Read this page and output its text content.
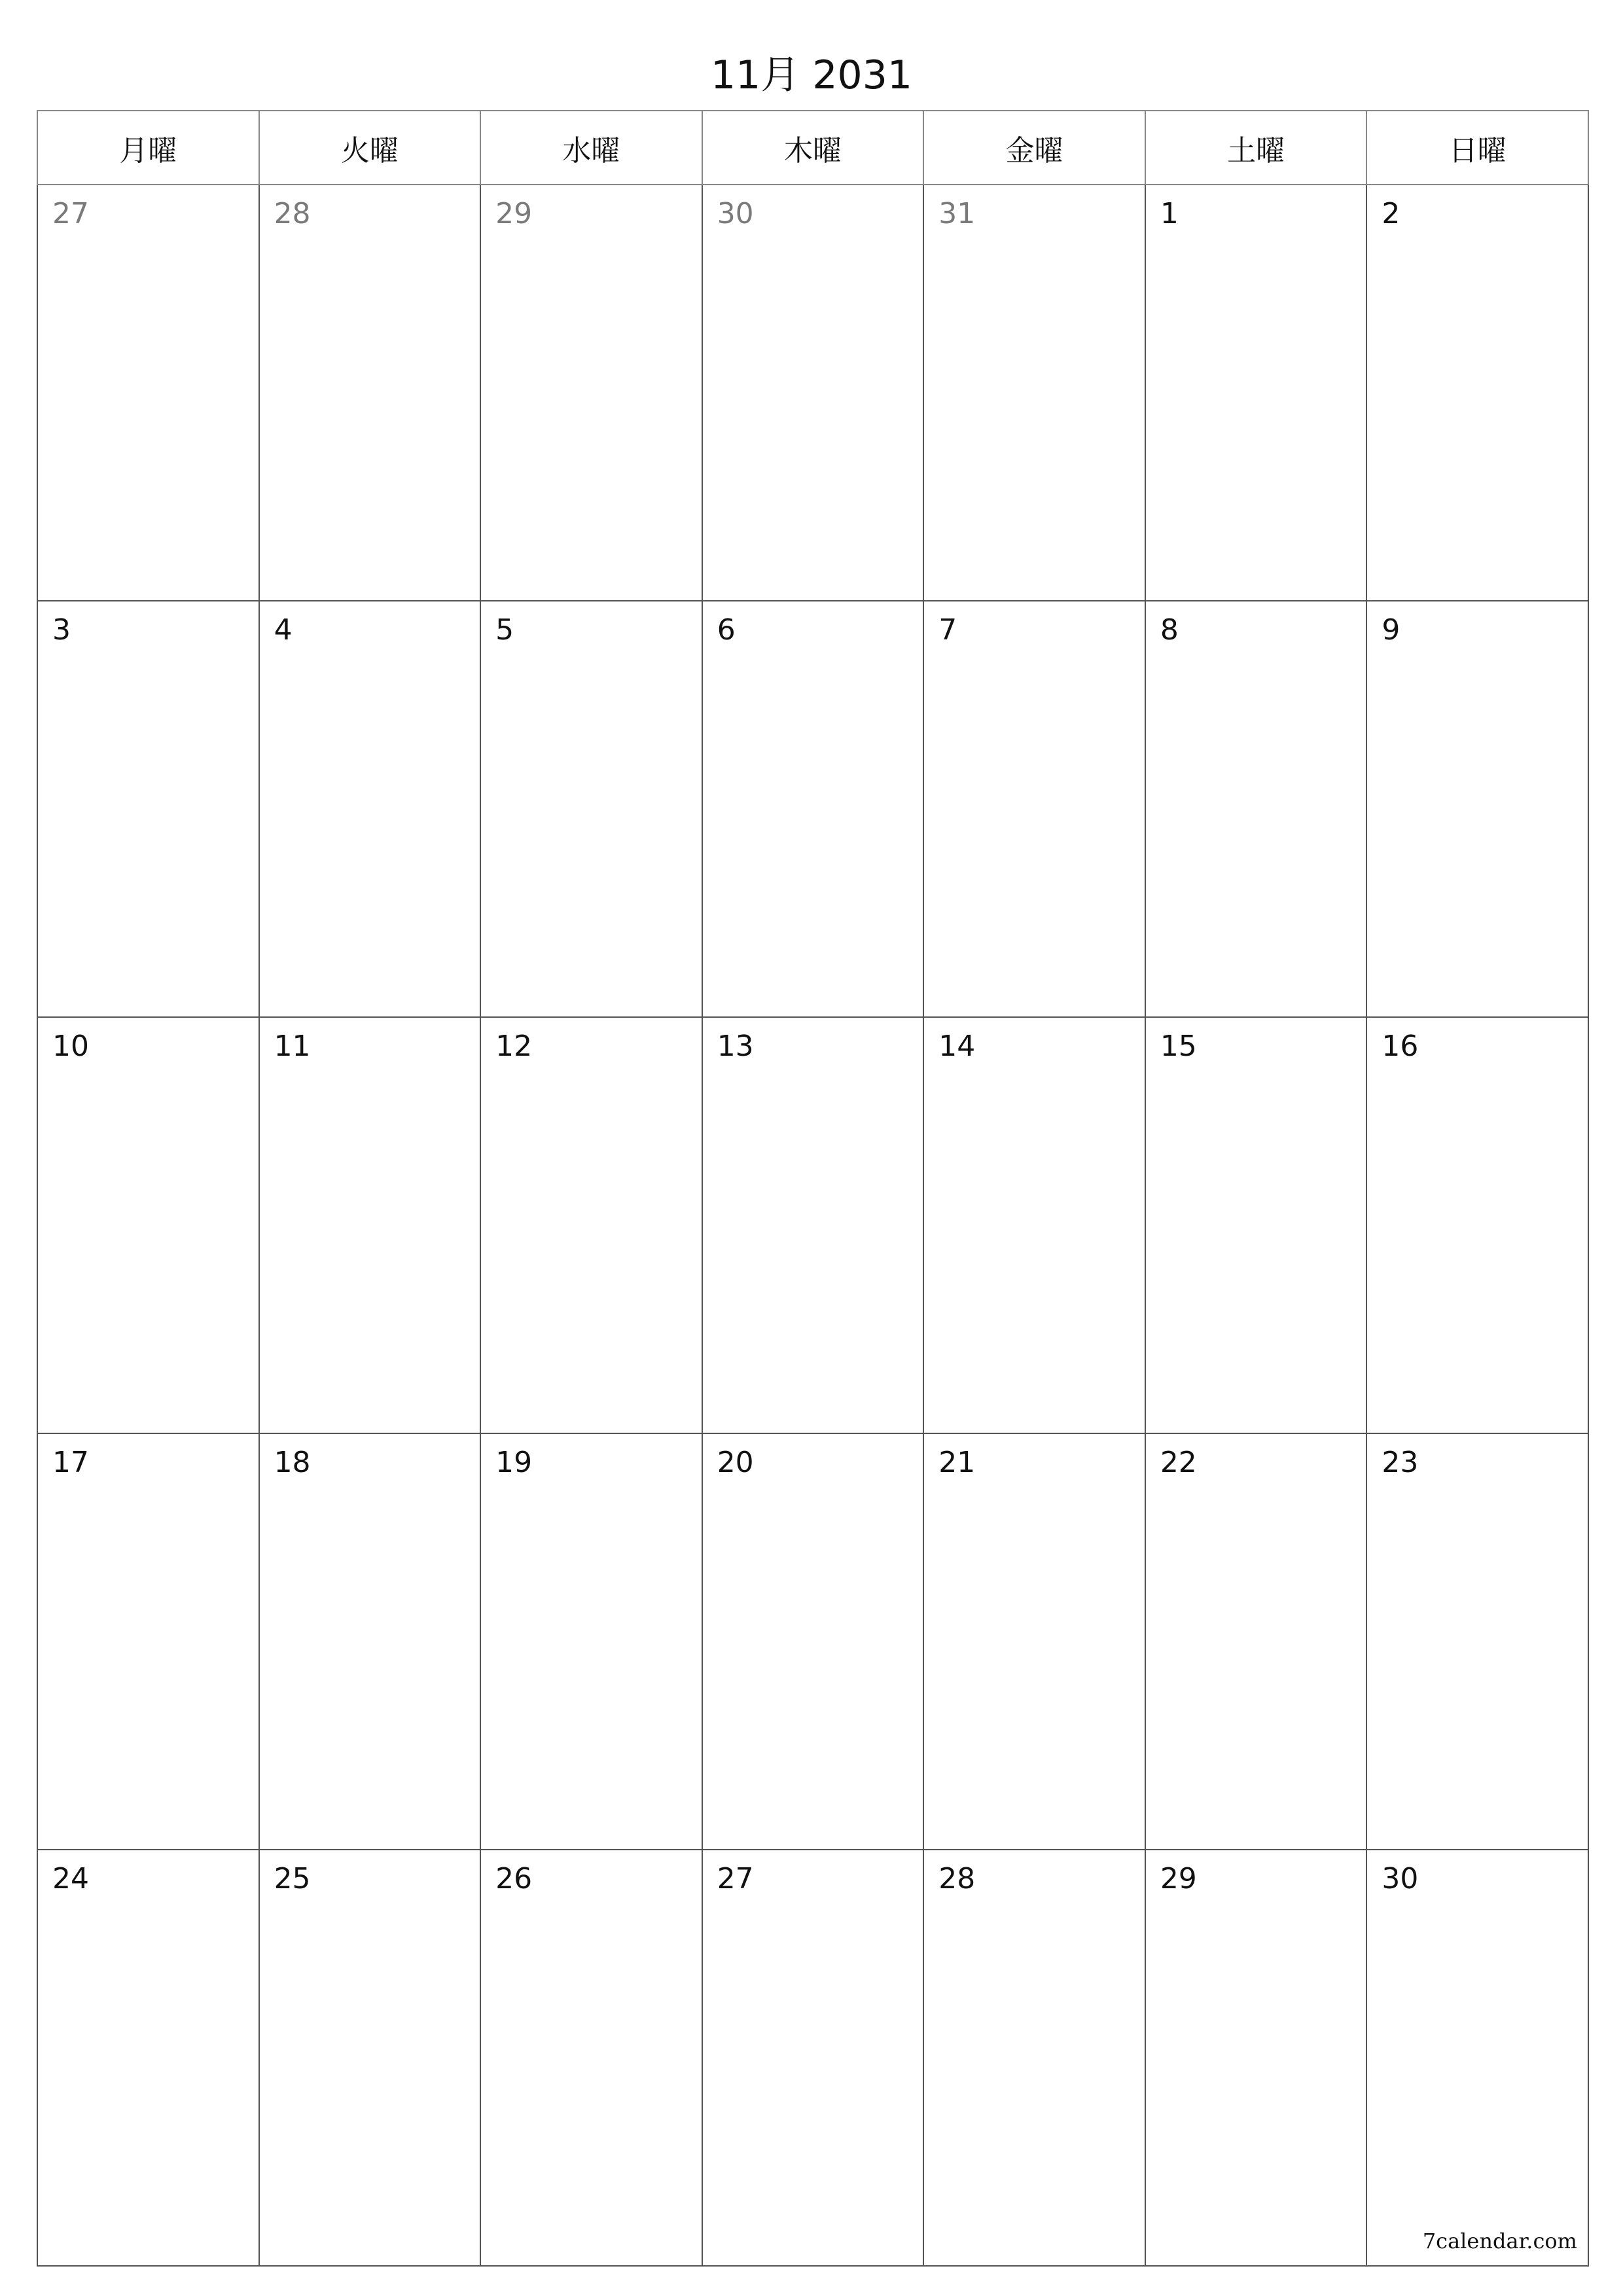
11月 2031
月曜	火曜	水曜	木曜	金曜	土曜	日曜

27	28	29	30	31	1	2

3	4	5	6	7	8	9

10	11	12	13	14	15	16

17	18	19	20	21	22	23

24	25	26	27	28	29	30
7calendar.com
